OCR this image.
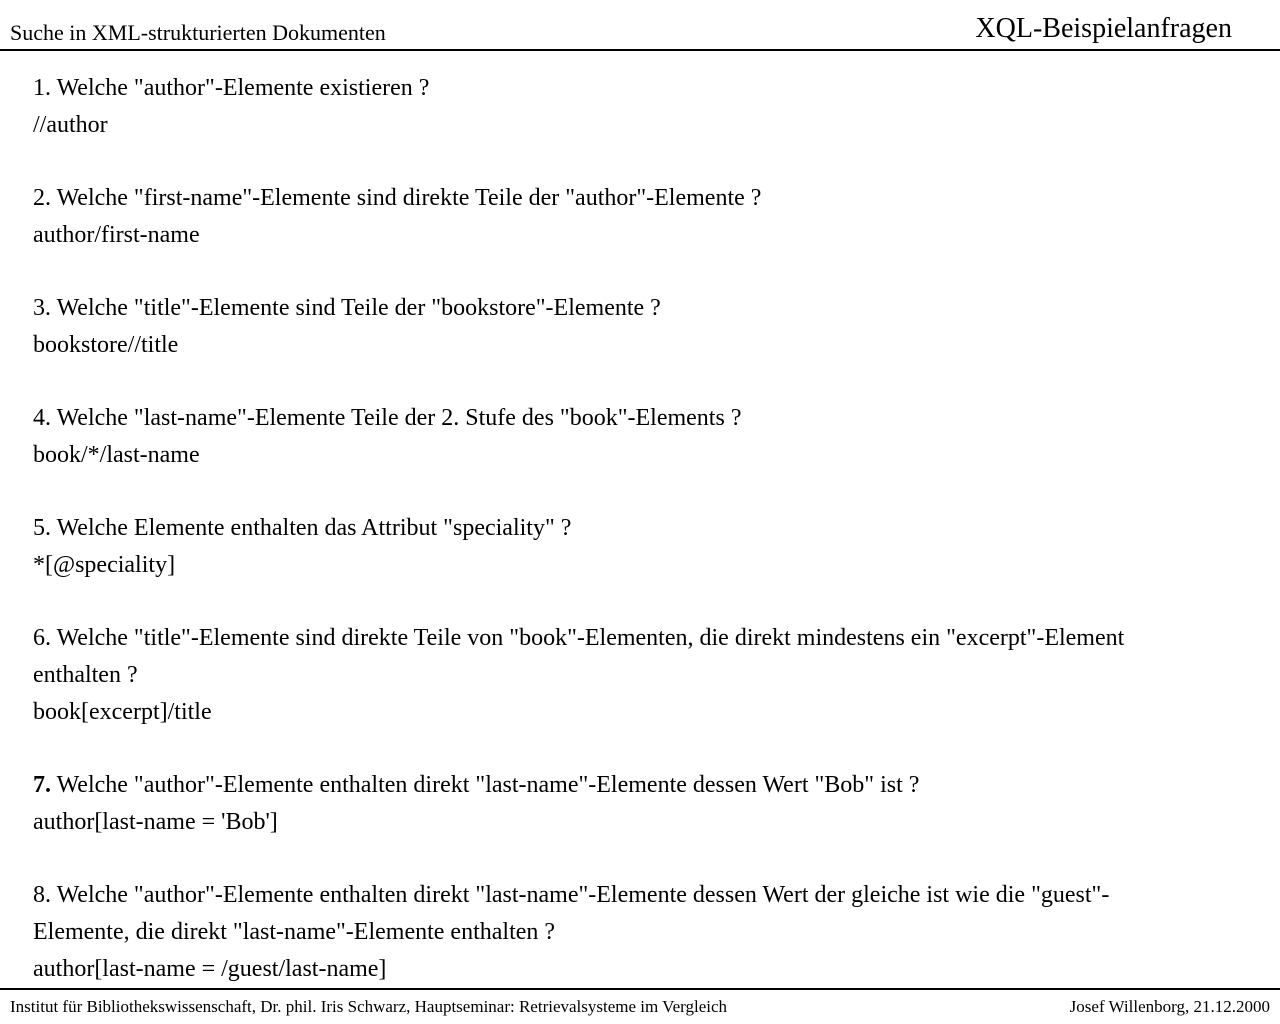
Suche in XML-strukturierten Dokumenten	XQL-Beispielanfragen

1. Welche "author"-Elemente existieren ?

//author

2. Welche "first-name"-Elemente sind direkte Teile der "author"-Elemente ?

author/first-name

3. Welche "title"-Elemente sind Teile der "bookstore"-Elemente ?

bookstore//title

4. Welche "last-name"-Elemente Teile der 2. Stufe des "book"-Elements ?

book/*/last-name

5. Welche Elemente enthalten das Attribut "speciality" ?

*[@speciality]

6. Welche "title"-Elemente sind direkte Teile von "book"-Elementen, die direkt mindestens ein "excerpt"-Element enthalten ?

book[excerpt]/title

7. Welche "author"-Elemente enthalten direkt "last-name"-Elemente dessen Wert "Bob" ist ?

author[last-name = 'Bob']

8. Welche "author"-Elemente enthalten direkt "last-name"-Elemente dessen Wert der gleiche ist wie die "guest"-Elemente, die direkt "last-name"-Elemente enthalten ?

author[last-name = /guest/last-name]

Institut für Bibliothekswissenschaft, Dr. phil. Iris Schwarz, Hauptseminar: Retrievalsysteme im Vergleich	Josef Willenborg, 21.12.2000
